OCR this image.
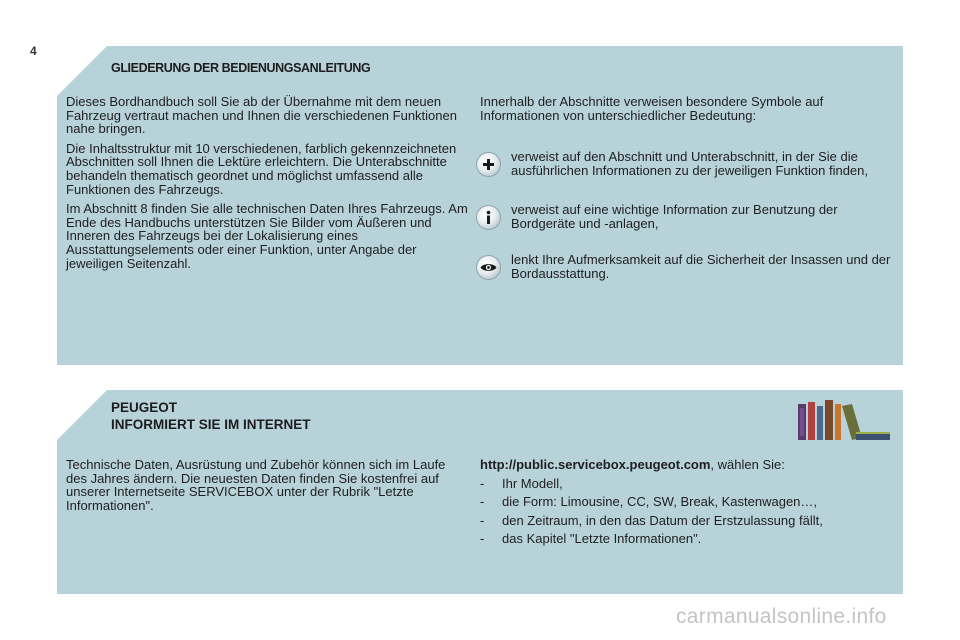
4
GLIEDERUNG DER BEDIENUNGSANLEITUNG

Dieses Bordhandbuch soll Sie ab der Übernahme mit dem neuen Fahrzeug vertraut machen und Ihnen die verschiedenen Funktionen nahe bringen.

Die Inhaltsstruktur mit 10 verschiedenen, farblich gekennzeichneten Abschnitten soll Ihnen die Lektüre erleichtern. Die Unterabschnitte behandeln thematisch geordnet und möglichst umfassend alle Funktionen des Fahrzeugs.

Im Abschnitt 8 finden Sie alle technischen Daten Ihres Fahrzeugs. Am Ende des Handbuchs unterstützen Sie Bilder vom Äußeren und Inneren des Fahrzeugs bei der Lokalisierung eines Ausstattungselements oder einer Funktion, unter Angabe der jeweiligen Seitenzahl.

Innerhalb der Abschnitte verweisen besondere Symbole auf Informationen von unterschiedlicher Bedeutung:
verweist auf den Abschnitt und Unterabschnitt, in der Sie die ausführlichen Informationen zu der jeweiligen Funktion finden,
verweist auf eine wichtige Information zur Benutzung der Bordgeräte und -anlagen,
lenkt Ihre Aufmerksamkeit auf die Sicherheit der Insassen und der Bordausstattung.
PEUGEOT
INFORMIERT SIE IM INTERNET
Technische Daten, Ausrüstung und Zubehör können sich im Laufe des Jahres ändern. Die neuesten Daten finden Sie kostenfrei auf unserer Internetseite SERVICEBOX unter der Rubrik "Letzte Informationen".
http://public.servicebox.peugeot.com, wählen Sie:
- Ihr Modell,
- die Form: Limousine, CC, SW, Break, Kastenwagen…,
- den Zeitraum, in den das Datum der Erstzulassung fällt,
- das Kapitel "Letzte Informationen".
carmanualsonline.info
